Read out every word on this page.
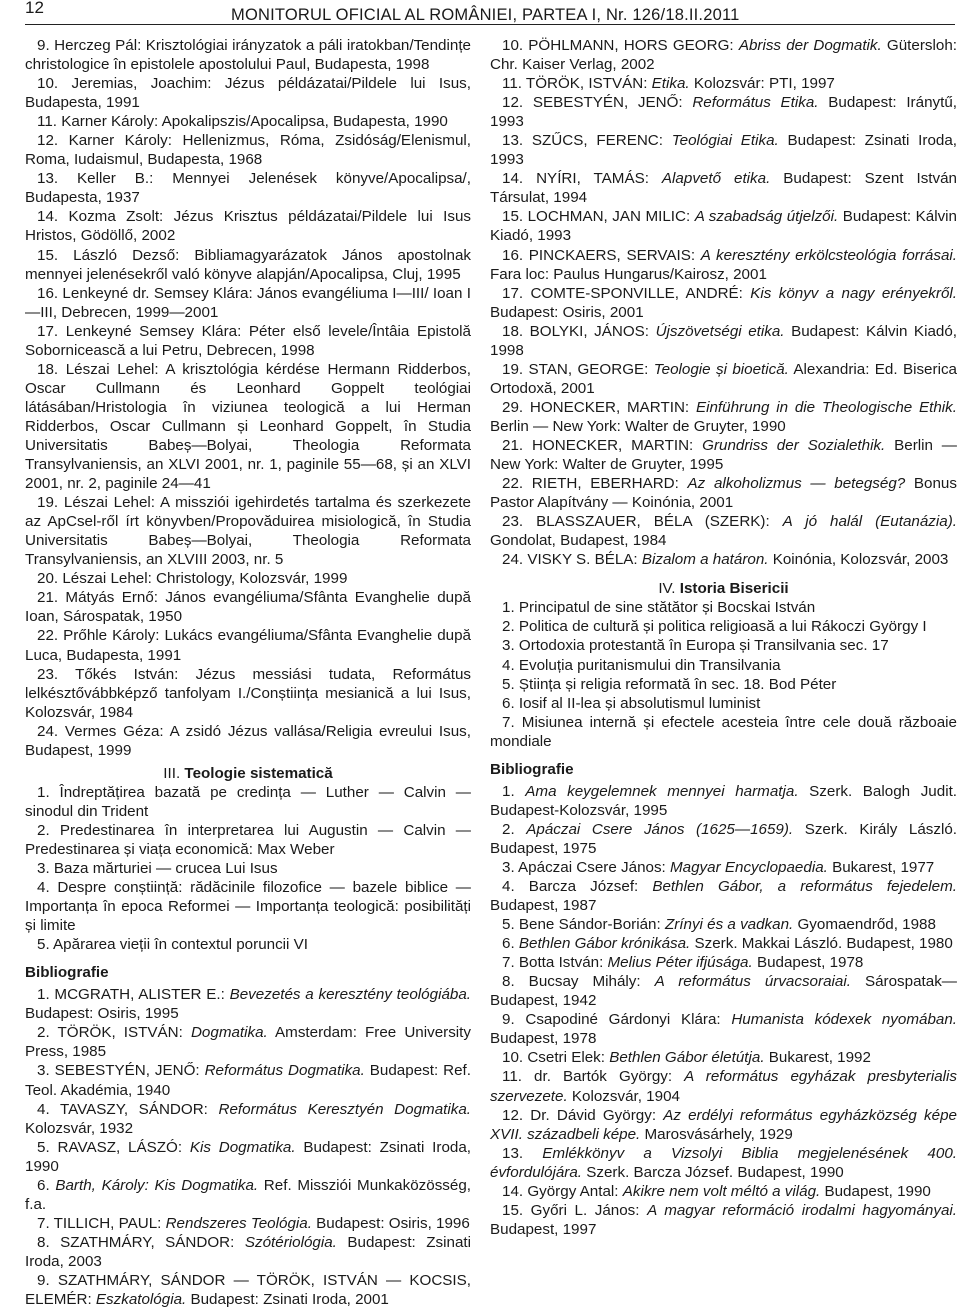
12	MONITORUL OFICIAL AL ROMÂNIEI, PARTEA I, Nr. 126/18.II.2011

9. Herczeg Pál: Krisztológiai irányzatok a páli iratokban/Tendințe christologice în epistolele apostolului Paul, Budapesta, 1998

10. Jeremias, Joachim: Jézus példázatai/Pildele lui Isus, Budapesta, 1991

11. Karner Károly: Apokalipszis/Apocalipsa, Budapesta, 1990

12. Karner Károly: Hellenizmus, Róma, Zsidóság/Elenismul, Roma, Iudaismul, Budapesta, 1968

13. Keller B.: Mennyei Jelenések könyve/Apocalipsa/, Budapesta, 1937

14. Kozma Zsolt: Jézus Krisztus példázatai/Pildele lui Isus Hristos, Gödöllő, 2002

15. László Dezső: Bibliamagyarázatok János apostolnak mennyei jelenésekről való könyve alapján/Apocalipsa, Cluj, 1995

16. Lenkeyné dr. Semsey Klára: János evangéliuma I—III/ Ioan I—III, Debrecen, 1999—2001

17. Lenkeyné Semsey Klára: Péter első levele/Întâia Epistolă Sobornicească a lui Petru, Debrecen, 1998

18. Lészai Lehel: A krisztológia kérdése Hermann Ridderbos, Oscar Cullmann és Leonhard Goppelt teológiai látásában/Hristologia în viziunea teologică a lui Herman Ridderbos, Oscar Cullmann și Leonhard Goppelt, în Studia Universitatis Babeș—Bolyai, Theologia Reformata Transylvaniensis, an XLVI 2001, nr. 1, paginile 55—68, și an XLVI 2001, nr. 2, paginile 24—41

19. Lészai Lehel: A missziói igehirdetés tartalma és szerkezete az ApCsel-ről írt könyvben/Propovăduirea misiologică, în Studia Universitatis Babeș—Bolyai, Theologia Reformata Transylvaniensis, an XLVIII 2003, nr. 5

20. Lészai Lehel: Christology, Kolozsvár, 1999

21. Mátyás Ernő: János evangéliuma/Sfânta Evanghelie după Ioan, Sárospatak, 1950

22. Prőhle Károly: Lukács evangéliuma/Sfânta Evanghelie după Luca, Budapesta, 1991

23. Tőkés István: Jézus messiási tudata, Református lelkésztővábbképző tanfolyam I./Conștiința mesianică a lui Isus, Kolozsvár, 1984

24. Vermes Géza: A zsidó Jézus vallása/Religia evreului Isus, Budapest, 1999

III. Teologie sistematică

1. Îndreptățirea bazată pe credința — Luther — Calvin — sinodul din Trident

2. Predestinarea în interpretarea lui Augustin — Calvin — Predestinarea și viața economică: Max Weber

3. Baza mărturiei — crucea Lui Isus

4. Despre conștiință: rădăcinile filozofice — bazele biblice — Importanța în epoca Reformei — Importanța teologică: posibilități și limite

5. Apărarea vieții în contextul poruncii VI

Bibliografie

1. MCGRATH, ALISTER E.: Bevezetés a keresztény teológiába. Budapest: Osiris, 1995

2. TÖRÖK, ISTVÁN: Dogmatika. Amsterdam: Free University Press, 1985

3. SEBESTYÉN, JENŐ: Református Dogmatika. Budapest: Ref. Teol. Akadémia, 1940

4. TAVASZY, SÁNDOR: Református Keresztyén Dogmatika. Kolozsvár, 1932

5. RAVASZ, LÁSZÓ: Kis Dogmatika. Budapest: Zsinati Iroda, 1990

6. Barth, Károly: Kis Dogmatika. Ref. Missziói Munkaközösség, f.a.

7. TILLICH, PAUL: Rendszeres Teológia. Budapest: Osiris, 1996

8. SZATHMÁRY, SÁNDOR: Szótériológia. Budapest: Zsinati Iroda, 2003

9. SZATHMÁRY, SÁNDOR — TÖRÖK, ISTVÁN — KOCSIS, ELEMÉR: Eszkatológia. Budapest: Zsinati Iroda, 2001

10. PÖHLMANN, HORS GEORG: Abriss der Dogmatik. Gütersloh: Chr. Kaiser Verlag, 2002

11. TÖRÖK, ISTVÁN: Etika. Kolozsvár: PTI, 1997

12. SEBESTYÉN, JENŐ: Református Etika. Budapest: Iránytű, 1993

13. SZŰCS, FERENC: Teológiai Etika. Budapest: Zsinati Iroda, 1993

14. NYÍRI, TAMÁS: Alapvető etika. Budapest: Szent István Társulat, 1994

15. LOCHMAN, JAN MILIC: A szabadság útjelzői. Budapest: Kálvin Kiadó, 1993

16. PINCKAERS, SERVAIS: A keresztény erkölcsteológia forrásai. Fara loc: Paulus Hungarus/Kairosz, 2001

17. COMTE-SPONVILLE, ANDRÉ: Kis könyv a nagy erényekről. Budapest: Osiris, 2001

18. BOLYKI, JÁNOS: Újszövetségi etika. Budapest: Kálvin Kiadó, 1998

19. STAN, GEORGE: Teologie și bioetică. Alexandria: Ed. Biserica Ortodoxă, 2001

29. HONECKER, MARTIN: Einführung in die Theologische Ethik. Berlin — New York: Walter de Gruyter, 1990

21. HONECKER, MARTIN: Grundriss der Sozialethik. Berlin — New York: Walter de Gruyter, 1995

22. RIETH, EBERHARD: Az alkoholizmus — betegség? Bonus Pastor Alapítvány — Koinónia, 2001

23. BLASSZAUER, BÉLA (SZERK): A jó halál (Eutanázia). Gondolat, Budapest, 1984

24. VISKY S. BÉLA: Bizalom a határon. Koinónia, Kolozsvár, 2003

IV. Istoria Bisericii

1. Principatul de sine stătător și Bocskai István

2. Politica de cultură și politica religioasă a lui Rákoczi György I

3. Ortodoxia protestantă în Europa și Transilvania sec. 17

4. Evoluția puritanismului din Transilvania

5. Știința și religia reformată în sec. 18. Bod Péter

6. Iosif al II-lea și absolutismul luminist

7. Misiunea internă și efectele acesteia între cele două războaie mondiale

Bibliografie

1. Ama keygelemnek mennyei harmatja. Szerk. Balogh Judit. Budapest-Kolozsvár, 1995

2. Apáczai Csere János (1625—1659). Szerk. Király László. Budapest, 1975

3. Apáczai Csere János: Magyar Encyclopaedia. Bukarest, 1977

4. Barcza József: Bethlen Gábor, a református fejedelem. Budapest, 1987

5. Bene Sándor-Borián: Zrínyi és a vadkan. Gyomaendrőd, 1988

6. Bethlen Gábor krónikása. Szerk. Makkai László. Budapest, 1980

7. Botta István: Melius Péter ifjúsága. Budapest, 1978

8. Bucsay Mihály: A református úrvacsoraiai. Sárospatak—Budapest, 1942

9. Csapodiné Gárdonyi Klára: Humanista kódexek nyomában. Budapest, 1978

10. Csetri Elek: Bethlen Gábor életútja. Bukarest, 1992

11. dr. Bartók György: A református egyházak presbyterialis szervezete. Kolozsvár, 1904

12. Dr. Dávid György: Az erdélyi református egyházközség képe XVII. századbeli képe. Marosvásárhely, 1929

13. Emlékkönyv a Vizsolyi Biblia megjelenésének 400. évfordulójára. Szerk. Barcza József. Budapest, 1990

14. György Antal: Akikre nem volt méltó a világ. Budapest, 1990

15. Győri L. János: A magyar reformáció irodalmi hagyományai. Budapest, 1997
